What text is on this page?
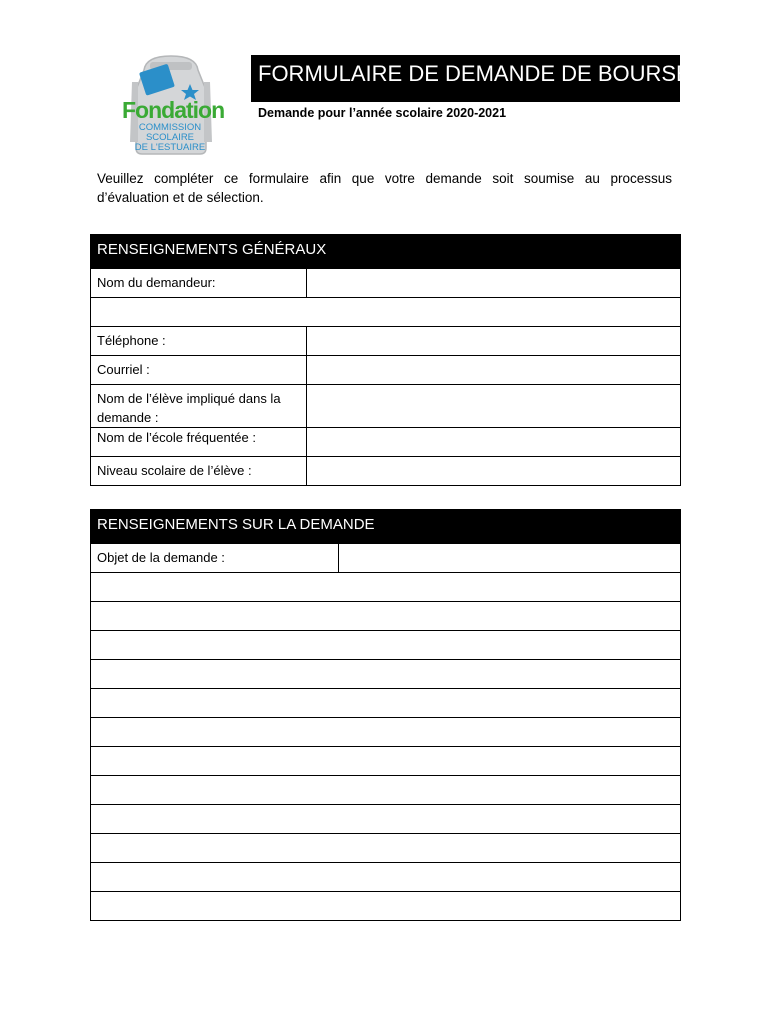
Fondation
COMMISSION
SCOLAIRE
DE L'ESTUAIRE
FORMULAIRE DE DEMANDE DE BOURSE
Demande pour l’année scolaire 2020-2021
Veuillez compléter ce formulaire afin que votre demande soit soumise au processus
d’évaluation et de sélection.
RENSEIGNEMENTS GÉNÉRAUX	
Nom du demandeur:	

Téléphone :	
Courriel :	
Nom de l’élève impliqué dans la demande :	
Nom de l’école fréquentée :	
Niveau scolaire de l’élève :	
RENSEIGNEMENTS SUR LA DEMANDE
Objet de la demande :	
